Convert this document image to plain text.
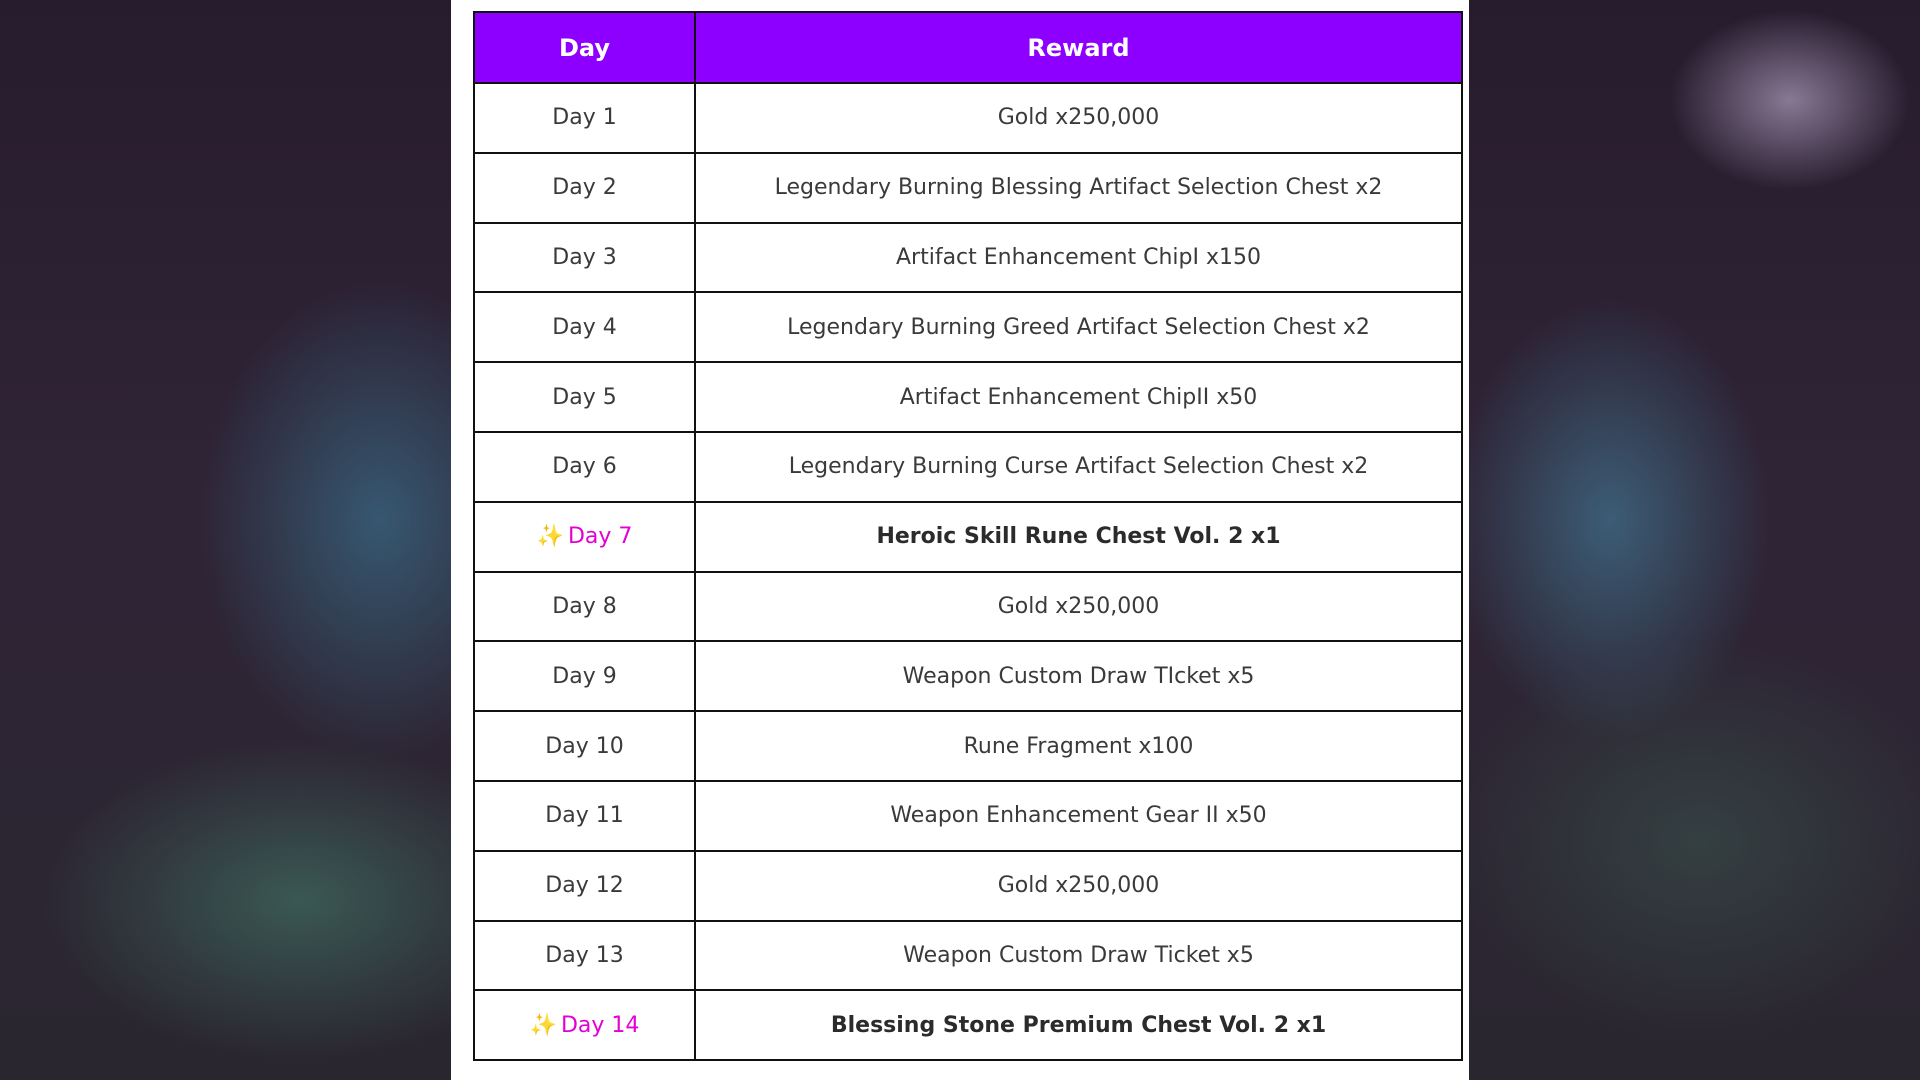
Day	Reward
Day 1	Gold x250,000
Day 2	Legendary Burning Blessing Artifact Selection Chest x2
Day 3	Artifact Enhancement ChipI x150
Day 4	Legendary Burning Greed Artifact Selection Chest x2
Day 5	Artifact Enhancement ChipII x50
Day 6	Legendary Burning Curse Artifact Selection Chest x2
✨ Day 7	Heroic Skill Rune Chest Vol. 2 x1
Day 8	Gold x250,000
Day 9	Weapon Custom Draw TIcket x5
Day 10	Rune Fragment x100
Day 11	Weapon Enhancement Gear II x50
Day 12	Gold x250,000
Day 13	Weapon Custom Draw Ticket x5
✨ Day 14	Blessing Stone Premium Chest Vol. 2 x1
